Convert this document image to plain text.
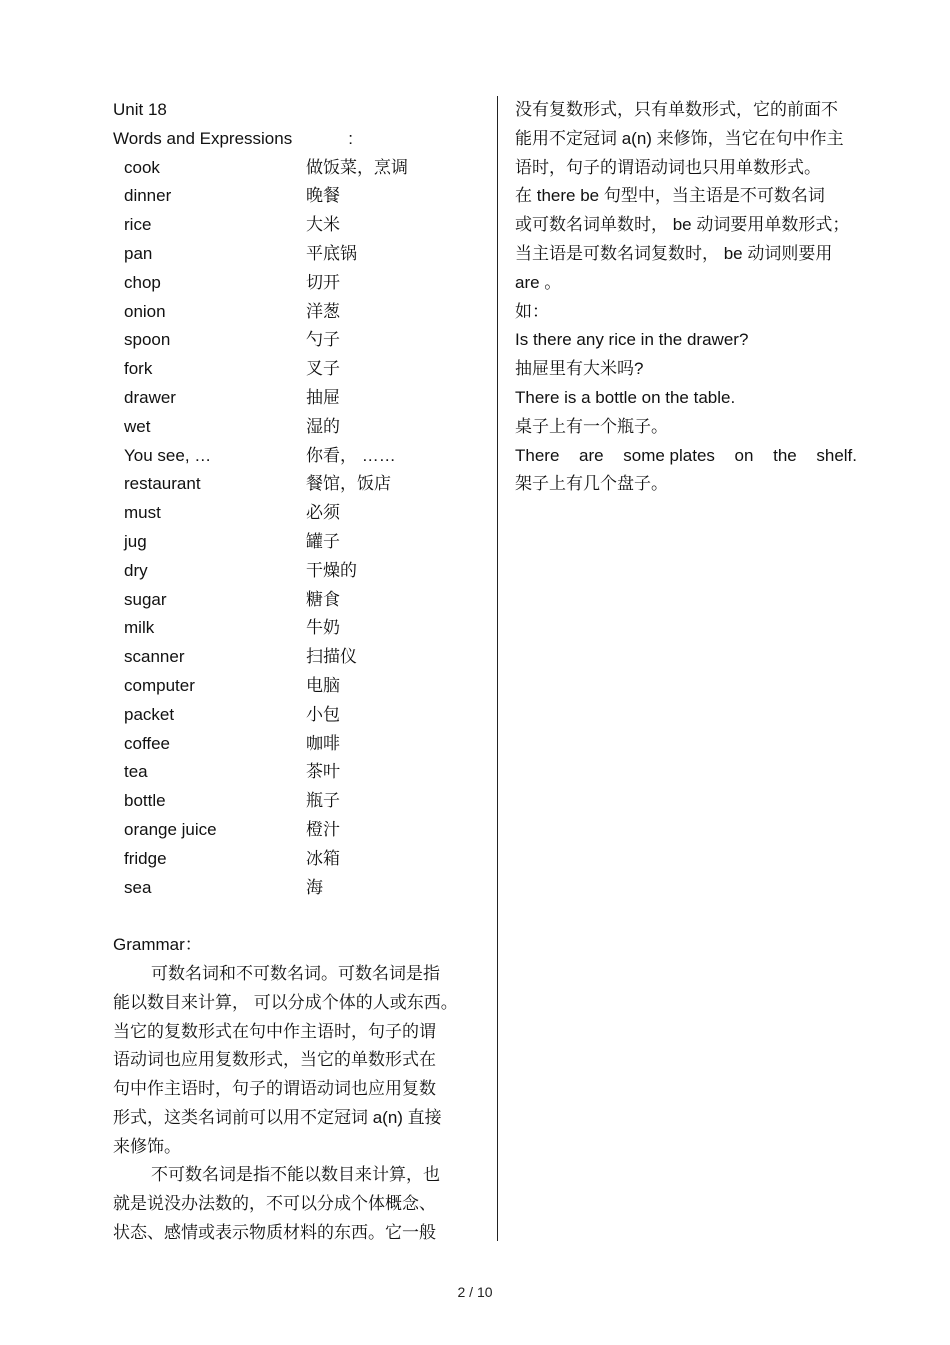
Unit 18
Words and Expressions	:
cook	做饭菜，烹调
dinner	晚餐
rice	大米
pan	平底锅
chop	切开
onion	洋葱
spoon	勺子
fork	叉子
drawer	抽屉
wet	湿的
You see, …	你看， ……
restaurant	餐馆，饭店
must	必须
jug	罐子
dry	干燥的
sugar	糖食
milk	牛奶
scanner	扫描仪
computer	电脑
packet	小包
coffee	咖啡
tea	茶叶
bottle	瓶子
orange juice	橙汁
fridge	冰箱
sea	海
Grammar：
可数名词和不可数名词。可数名词是指
能以数目来计算， 可以分成个体的人或东西。
当它的复数形式在句中作主语时，句子的谓
语动词也应用复数形式，当它的单数形式在
句中作主语时，句子的谓语动词也应用复数
形式，这类名词前可以用不定冠词 a(n) 直接
来修饰。
不可数名词是指不能以数目来计算，也
就是说没办法数的，不可以分成个体概念、
状态、感情或表示物质材料的东西。它一般
没有复数形式，只有单数形式，它的前面不
能用不定冠词 a(n) 来修饰，当它在句中作主
语时，句子的谓语动词也只用单数形式。
在 there be 句型中，当主语是不可数名词
或可数名词单数时， be 动词要用单数形式；
当主语是可数名词复数时， be 动词则要用
are 。
如：
Is there any rice in the drawer?
抽屉里有大米吗?
There is a bottle on the table.
桌子上有一个瓶子。
There are some plates on the shelf.
架子上有几个盘子。
2 / 10
